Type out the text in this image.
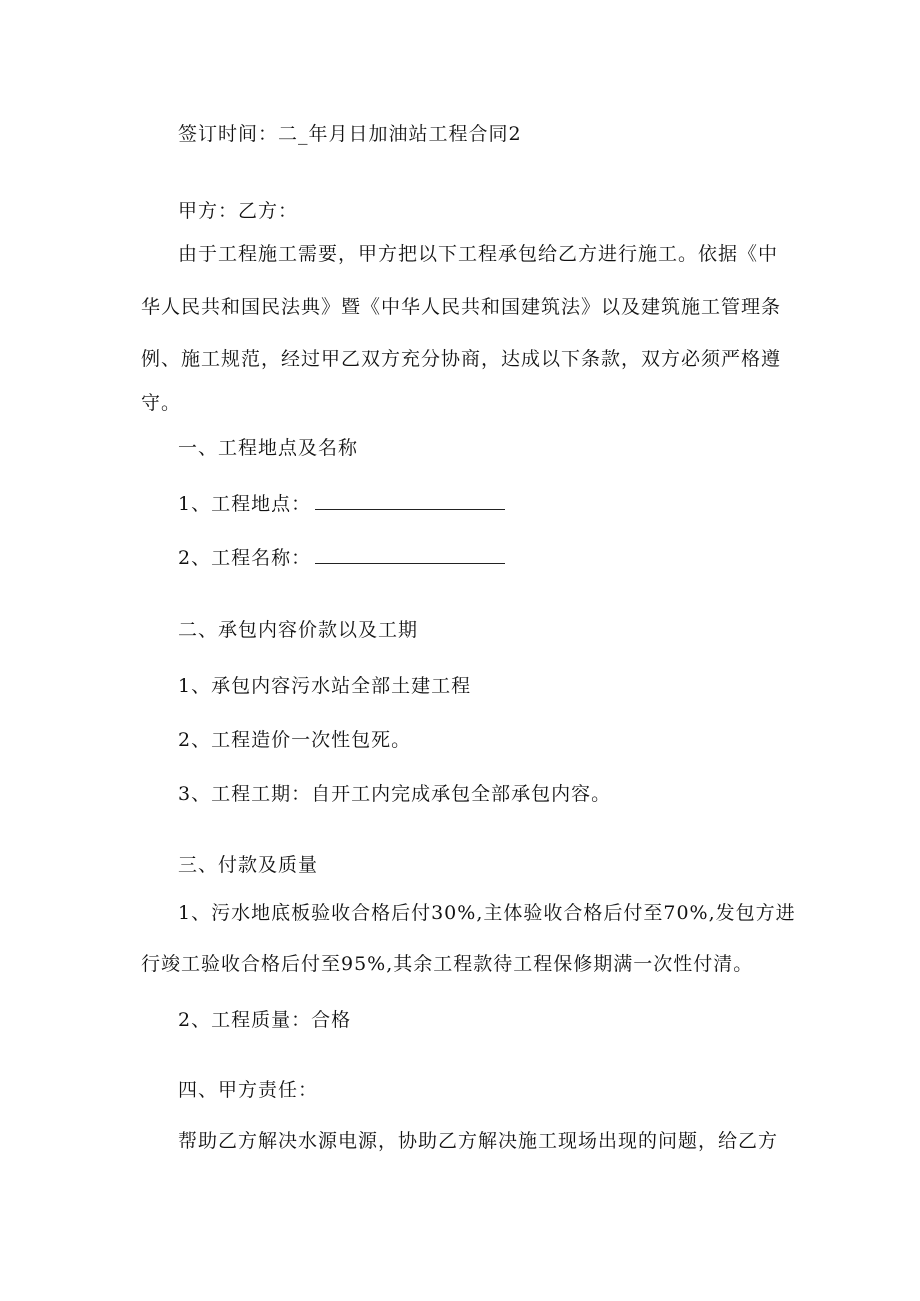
签订时间：二_年月日加油站工程合同2
甲方：乙方：
由于工程施工需要，甲方把以下工程承包给乙方进行施工。依据《中
华人民共和国民法典》暨《中华人民共和国建筑法》以及建筑施工管理条
例、施工规范，经过甲乙双方充分协商，达成以下条款，双方必须严格遵
守。
一、工程地点及名称
1、工程地点：
2、工程名称：
二、承包内容价款以及工期
1、承包内容污水站全部土建工程
2、工程造价一次性包死。
3、工程工期：自开工内完成承包全部承包内容。
三、付款及质量
1、污水地底板验收合格后付30%,主体验收合格后付至70%,发包方进
行竣工验收合格后付至95%,其余工程款待工程保修期满一次性付清。
2、工程质量：合格
四、甲方责任：
帮助乙方解决水源电源，协助乙方解决施工现场出现的问题，给乙方
